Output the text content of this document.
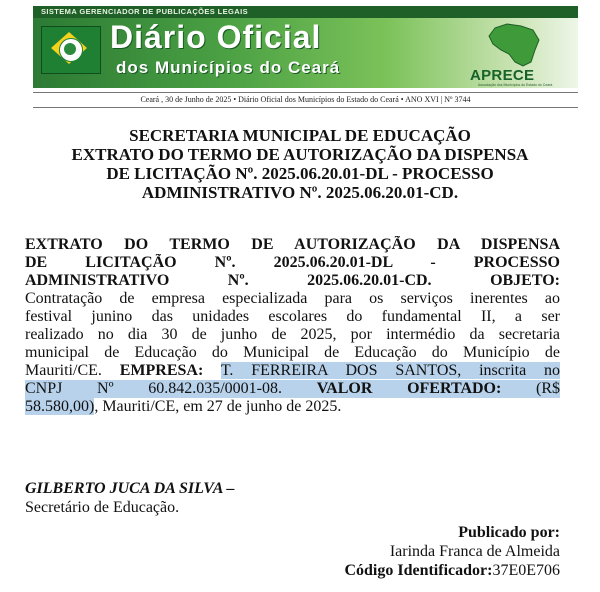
SISTEMA GERENCIADOR DE PUBLICAÇÕES LEGAIS
Diário Oficial
dos Municípios do Ceará	APRECE
Associação dos Municípios do Estado do Ceará
Ceará , 30 de Junho de 2025 • Diário Oficial dos Municípios do Estado do Ceará • ANO XVI | Nº 3744
SECRETARIA MUNICIPAL DE EDUCAÇÃO
EXTRATO DO TERMO DE AUTORIZAÇÃO DA DISPENSA
DE LICITAÇÃO Nº. 2025.06.20.01-DL - PROCESSO
ADMINISTRATIVO Nº. 2025.06.20.01-CD.
EXTRATO DO TERMO DE AUTORIZAÇÃO DA DISPENSA
DE LICITAÇÃO Nº. 2025.06.20.01-DL - PROCESSO
ADMINISTRATIVO Nº. 2025.06.20.01-CD.	OBJETO:
Contratação de empresa especializada para os serviços inerentes ao
festival junino das unidades escolares do fundamental II, a ser
realizado no dia 30 de junho de 2025, por intermédio da secretaria
municipal de Educação do Municipal de Educação do Município de
Mauriti/CE. EMPRESA: T. FERREIRA DOS SANTOS, inscrita no
CNPJ Nº 60.842.035/0001-08. VALOR OFERTADO: (R$
58.580,00), Mauriti/CE, em 27 de junho de 2025.
GILBERTO JUCA DA SILVA –
Secretário de Educação.
Publicado por:
Iarinda Franca de Almeida
Código Identificador:37E0E706
